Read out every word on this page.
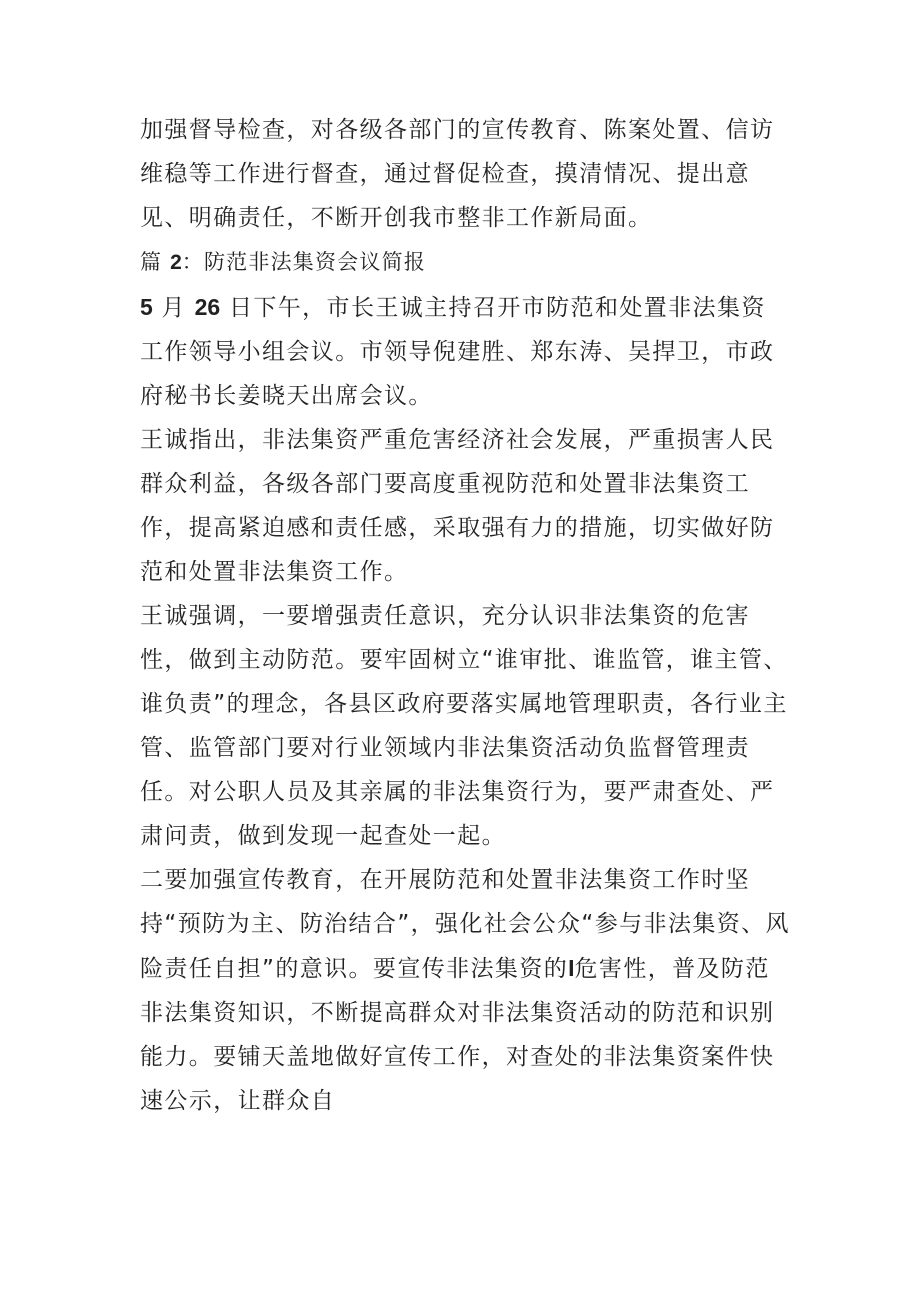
加强督导检查，对各级各部门的宣传教育、陈案处置、信访维稳等工作进行督查，通过督促检查，摸清情况、提出意见、明确责任，不断开创我市整非工作新局面。

篇 2：防范非法集资会议简报

5 月 26 日下午，市长王诚主持召开市防范和处置非法集资工作领导小组会议。市领导倪建胜、郑东涛、吴捍卫，市政府秘书长姜晓天出席会议。

王诚指出，非法集资严重危害经济社会发展，严重损害人民群众利益，各级各部门要高度重视防范和处置非法集资工作，提高紧迫感和责任感，采取强有力的措施，切实做好防范和处置非法集资工作。

王诚强调，一要增强责任意识，充分认识非法集资的危害性，做到主动防范。要牢固树立“谁审批、谁监管，谁主管、谁负责”的理念，各县区政府要落实属地管理职责，各行业主管、监管部门要对行业领域内非法集资活动负监督管理责任。对公职人员及其亲属的非法集资行为，要严肃查处、严肃问责，做到发现一起查处一起。

二要加强宣传教育，在开展防范和处置非法集资工作时坚持“预防为主、防治结合”，强化社会公众“参与非法集资、风险责任自担”的意识。要宣传非法集资的I危害性，普及防范非法集资知识，不断提高群众对非法集资活动的防范和识别能力。要铺天盖地做好宣传工作，对查处的非法集资案件快速公示，让群众自
